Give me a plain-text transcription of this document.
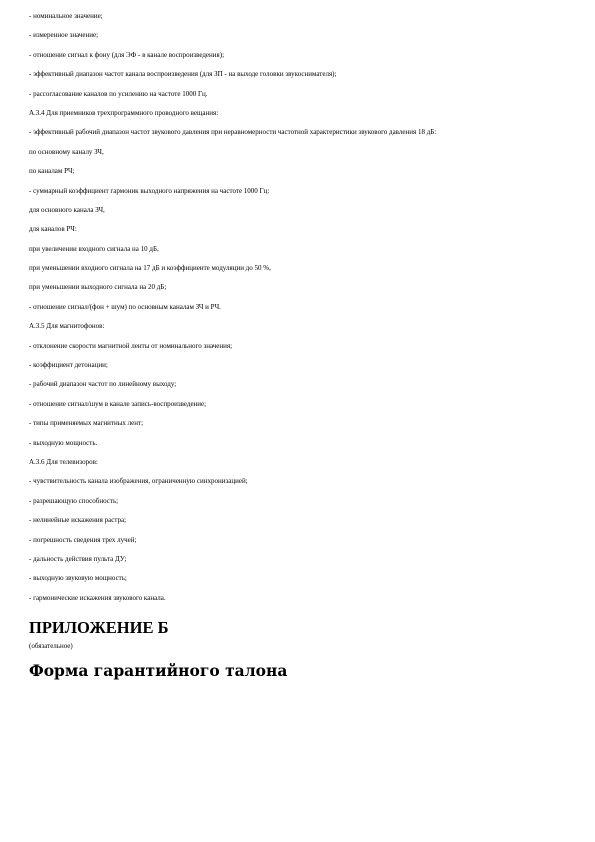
- номинальное значение;

- измеренное значение;

- отношение сигнал к фону (для ЭФ - в канале воспроизведения);

- эффективный диапазон частот канала воспроизведения (для ЗП - на выходе головки звукоснимателя);

- рассогласование каналов по усилению на частоте 1000 Гц.

А.3.4 Для приемников трехпрограммного проводного вещания:

- эффективный рабочий диапазон частот звукового давления при неравномерности частотной характеристики звукового давления 18 дБ:

по основному каналу ЗЧ,

по каналам РЧ;

- суммарный коэффициент гармоник выходного напряжения на частоте 1000 Гц:

для основного канала ЗЧ,

для каналов РЧ:

при увеличении входного сигнала на 10 дБ,

при уменьшении входного сигнала на 17 дБ и коэффициенте модуляции до 50 %,

при уменьшении выходного сигнала на 20 дБ;

- отношение сигнал/(фон + шум) по основным каналам ЗЧ и РЧ.

А.3.5 Для магнитофонов:

- отклонение скорости магнитной ленты от номинального значения;

- коэффициент детонации;

- рабочий диапазон частот по линейному выходу;

- отношение сигнал/шум в канале запись-воспроизведение;

- типы применяемых магнитных лент;

- выходную мощность.

А.3.6 Для телевизоров:

- чувствительность канала изображения, ограниченную синхронизацией;

- разрешающую способность;

- нелинейные искажения растра;

- погрешность сведения трех лучей;

- дальность действия пульта ДУ;

- выходную звуковую мощность;

- гармонические искажения звукового канала.

ПРИЛОЖЕНИЕ Б

(обязательное)

Форма гарантийного талона
